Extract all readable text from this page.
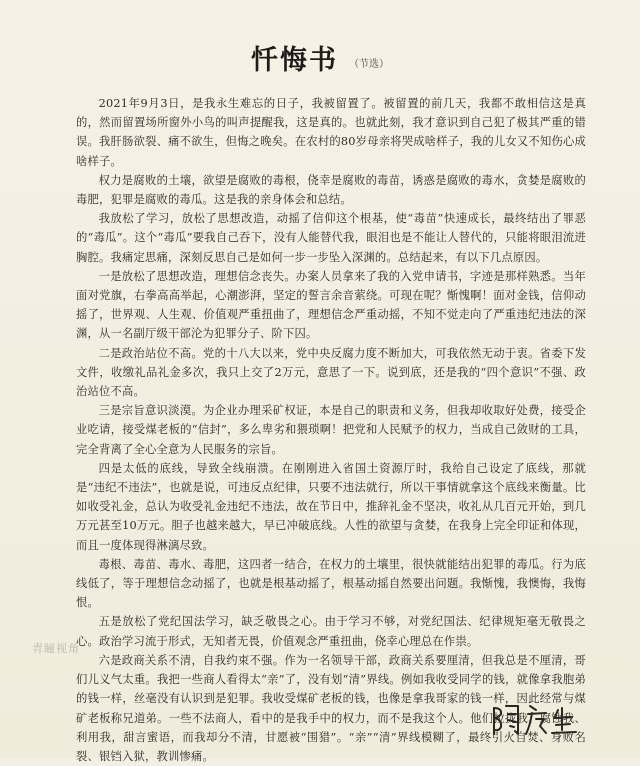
忏悔书 （节选）

2021年9月3日，是我永生难忘的日子，我被留置了。被留置的前几天，我都不敢相信这是真的，然而留置场所窗外小鸟的叫声提醒我，这是真的。也就此刻，我才意识到自己犯了极其严重的错误。我肝肠欲裂、痛不欲生，但悔之晚矣。在农村的80岁母亲将哭成啥样子，我的儿女又不知伤心成啥样子。

权力是腐败的土壤，欲望是腐败的毒根，侥幸是腐败的毒苗，诱惑是腐败的毒水，贪婪是腐败的毒肥，犯罪是腐败的毒瓜。这是我的亲身体会和总结。

我放松了学习，放松了思想改造，动摇了信仰这个根基，使“毒苗”快速成长，最终结出了罪恶的“毒瓜”。这个“毒瓜”要我自己吞下，没有人能替代我，眼泪也是不能让人替代的，只能将眼泪流进胸腔。我痛定思痛，深刻反思自己是如何一步一步坠入深渊的。总结起来，有以下几点原因。

一是放松了思想改造，理想信念丧失。办案人员拿来了我的入党申请书，字迹是那样熟悉。当年面对党旗，右拳高高举起，心潮澎湃，坚定的誓言余音萦绕。可现在呢？惭愧啊！面对金钱，信仰动摇了，世界观、人生观、价值观严重扭曲了，理想信念严重动摇，不知不觉走向了严重违纪违法的深渊，从一名副厅级干部沦为犯罪分子、阶下囚。

二是政治站位不高。党的十八大以来，党中央反腐力度不断加大，可我依然无动于衷。省委下发文件，收缴礼品礼金多次，我只上交了2万元，意思了一下。说到底，还是我的“四个意识”不强、政治站位不高。

三是宗旨意识淡漠。为企业办理采矿权证，本是自己的职责和义务，但我却收取好处费，接受企业吃请，接受煤老板的“信封”，多么卑劣和猥琐啊！把党和人民赋予的权力，当成自己敛财的工具，完全背离了全心全意为人民服务的宗旨。

四是太低的底线，导致全线崩溃。在刚刚进入省国土资源厅时，我给自己设定了底线，那就是“违纪不违法”，也就是说，可违反点纪律，只要不违法就行，所以干事情就拿这个底线来衡量。比如收受礼金，总认为收受礼金违纪不违法，故在节日中，推辞礼金不坚决，收礼从几百元开始，到几万元甚至10万元。胆子也越来越大，早已冲破底线。人性的欲望与贪婪，在我身上完全印证和体现，而且一度体现得淋漓尽致。

毒根、毒苗、毒水、毒肥，这四者一结合，在权力的土壤里，很快就能结出犯罪的毒瓜。行为底线低了，等于理想信念动摇了，也就是根基动摇了，根基动摇自然要出问题。我惭愧，我懊悔，我悔恨。

五是放松了党纪国法学习，缺乏敬畏之心。由于学习不够，对党纪国法、纪律规矩毫无敬畏之心。政治学习流于形式，无知者无畏，价值观念严重扭曲，侥幸心理总在作祟。

六是政商关系不清，自我约束不强。作为一名领导干部，政商关系要厘清，但我总是不厘清，哥们儿义气太重。我把一些商人看得太“亲”了，没有划“清”界线。例如我收受同学的钱，就像拿我胞弟的钱一样，丝毫没有认识到是犯罪。我收受煤矿老板的钱，也像是拿我哥家的钱一样，因此经常与煤矿老板称兄道弟。一些不法商人，看中的是我手中的权力，而不是我这个人。他们拉拢我、腐蚀我、利用我，甜言蜜语，而我却分不清，甘愿被“围猎”。“亲”“清”界线模糊了，最终引火自焚、身败名裂、银铛入狱，教训惨痛。

青瞳视角
